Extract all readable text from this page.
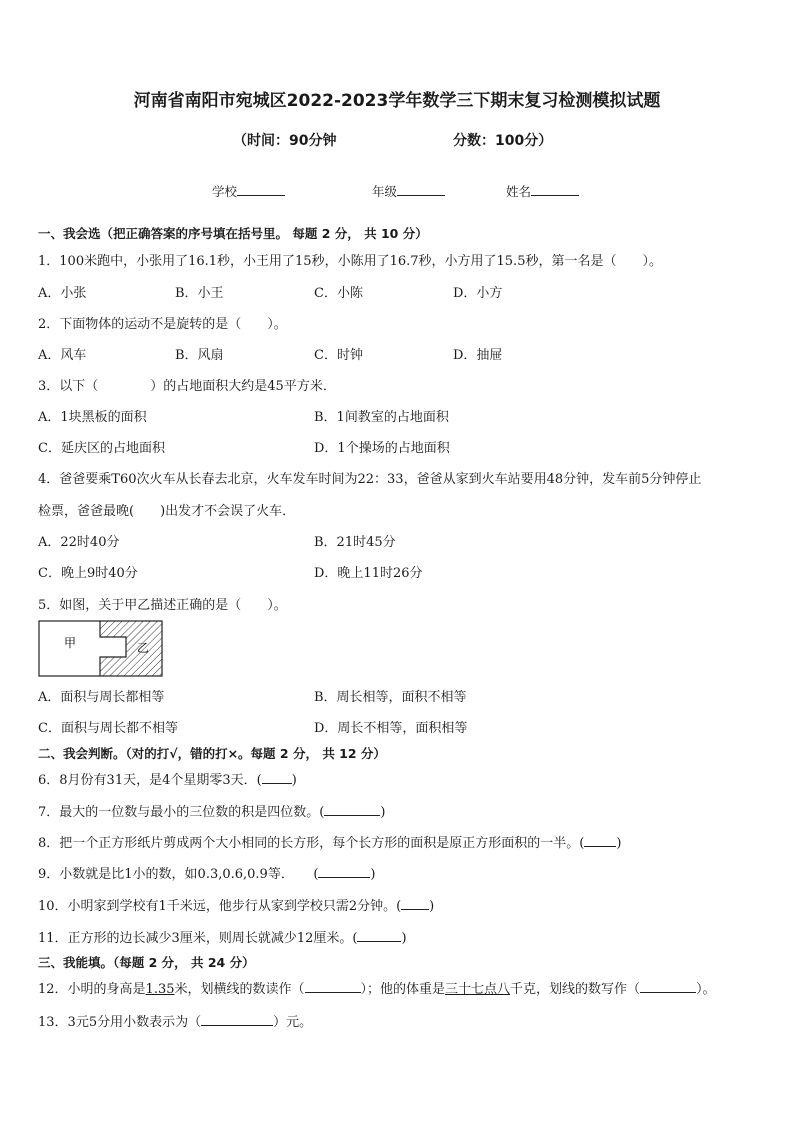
河南省南阳市宛城区2022-2023学年数学三下期末复习检测模拟试题
（时间：90分钟	分数：100分）
学校	年级	姓名
一、我会选（把正确答案的序号填在括号里。 每题 2 分， 共 10 分）
1．100米跑中，小张用了16.1秒，小王用了15秒，小陈用了16.7秒，小方用了15.5秒，第一名是（　　）。
A．小张	B．小王	C．小陈	D．小方
2．下面物体的运动不是旋转的是（　　）。
A．风车	B．风扇	C．时钟	D．抽屉
3．以下（　　　　）的占地面积大约是45平方米．
A．1块黑板的面积	B．1间教室的占地面积
C．延庆区的占地面积	D．1个操场的占地面积
4．爸爸要乘T60次火车从长春去北京，火车发车时间为22：33，爸爸从家到火车站要用48分钟，发车前5分钟停止
检票，爸爸最晚(　　)出发才不会误了火车．
A．22时40分	B．21时45分
C．晚上9时40分	D．晚上11时26分
5．如图，关于甲乙描述正确的是（　　）。
甲	乙
A．面积与周长都相等	B．周长相等，面积不相等
C．面积与周长都不相等	D．周长不相等，面积相等
二、我会判断。（对的打√，错的打×。每题 2 分， 共 12 分）
6．8月份有31天，是4个星期零3天．( )
7．最大的一位数与最小的三位数的积是四位数。(	)
8．把一个正方形纸片剪成两个大小相同的长方形，每个长方形的面积是原正方形面积的一半。( )
9．小数就是比1小的数，如0.3,0.6,0.9等．　　(	)
10．小明家到学校有1千米远，他步行从家到学校只需2分钟。( )
11．正方形的边长减少3厘米，则周长就减少12厘米。(	)
三、我能填。（每题 2 分， 共 24 分）
12．小明的身高是1.35米，划横线的数读作（	）；他的体重是三十七点八千克，划线的数写作（	）。
13．3元5分用小数表示为（	）元。
